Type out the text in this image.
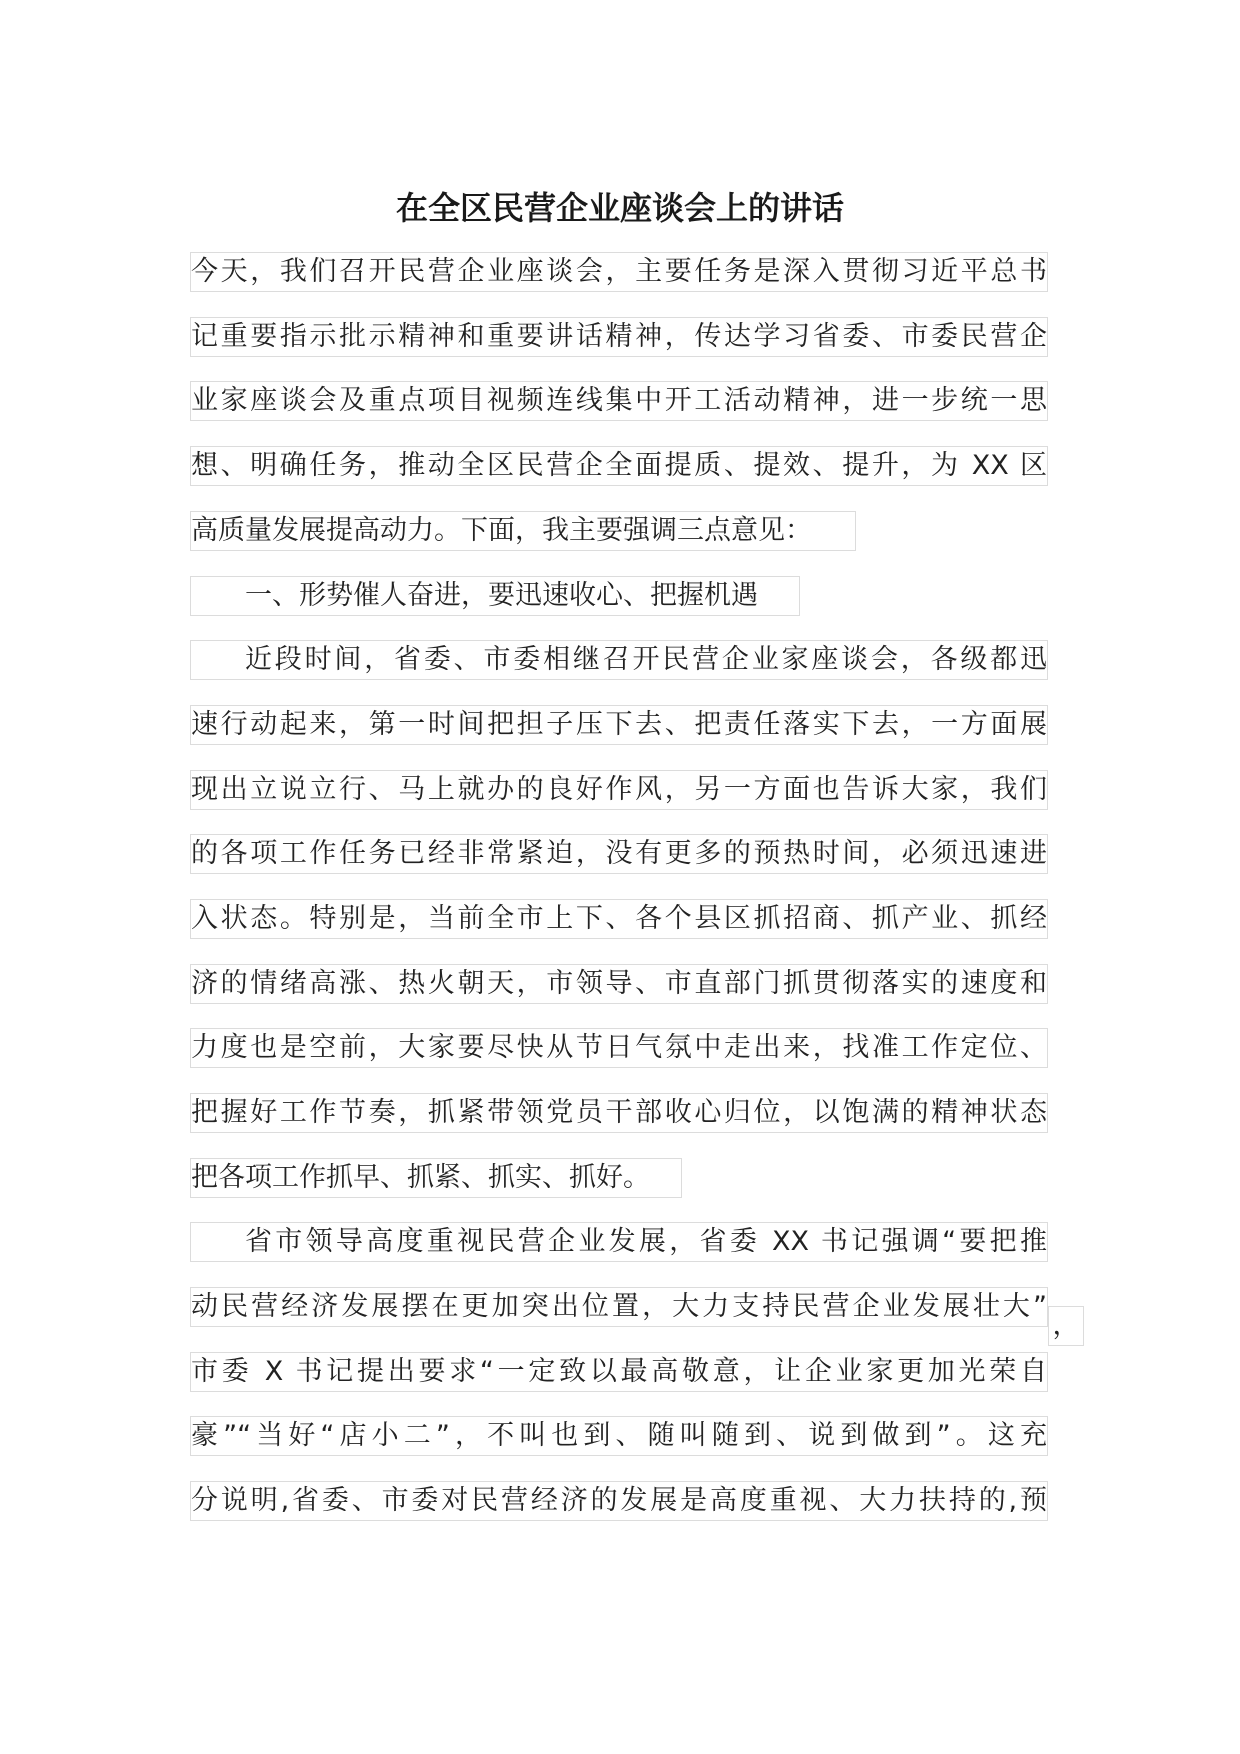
在全区民营企业座谈会上的讲话
今天，我们召开民营企业座谈会，主要任务是深入贯彻习近平总书
记重要指示批示精神和重要讲话精神，传达学习省委、市委民营企
业家座谈会及重点项目视频连线集中开工活动精神，进一步统一思
想、明确任务，推动全区民营企全面提质、提效、提升，为 XX 区
高质量发展提高动力。下面，我主要强调三点意见：
一、形势催人奋进，要迅速收心、把握机遇
近段时间，省委、市委相继召开民营企业家座谈会，各级都迅
速行动起来，第一时间把担子压下去、把责任落实下去，一方面展
现出立说立行、马上就办的良好作风，另一方面也告诉大家，我们
的各项工作任务已经非常紧迫，没有更多的预热时间，必须迅速进
入状态。特别是，当前全市上下、各个县区抓招商、抓产业、抓经
济的情绪高涨、热火朝天，市领导、市直部门抓贯彻落实的速度和
力度也是空前，大家要尽快从节日气氛中走出来，找准工作定位、
把握好工作节奏，抓紧带领党员干部收心归位，以饱满的精神状态
把各项工作抓早、抓紧、抓实、抓好。
省市领导高度重视民营企业发展，省委 XX 书记强调“要把推
动民营经济发展摆在更加突出位置，大力支持民营企业发展壮大”
，
市委 X 书记提出要求“一定致以最高敬意，让企业家更加光荣自
豪”“当好“店小二”，不叫也到、随叫随到、说到做到”。这充
分说明,省委、市委对民营经济的发展是高度重视、大力扶持的,预
